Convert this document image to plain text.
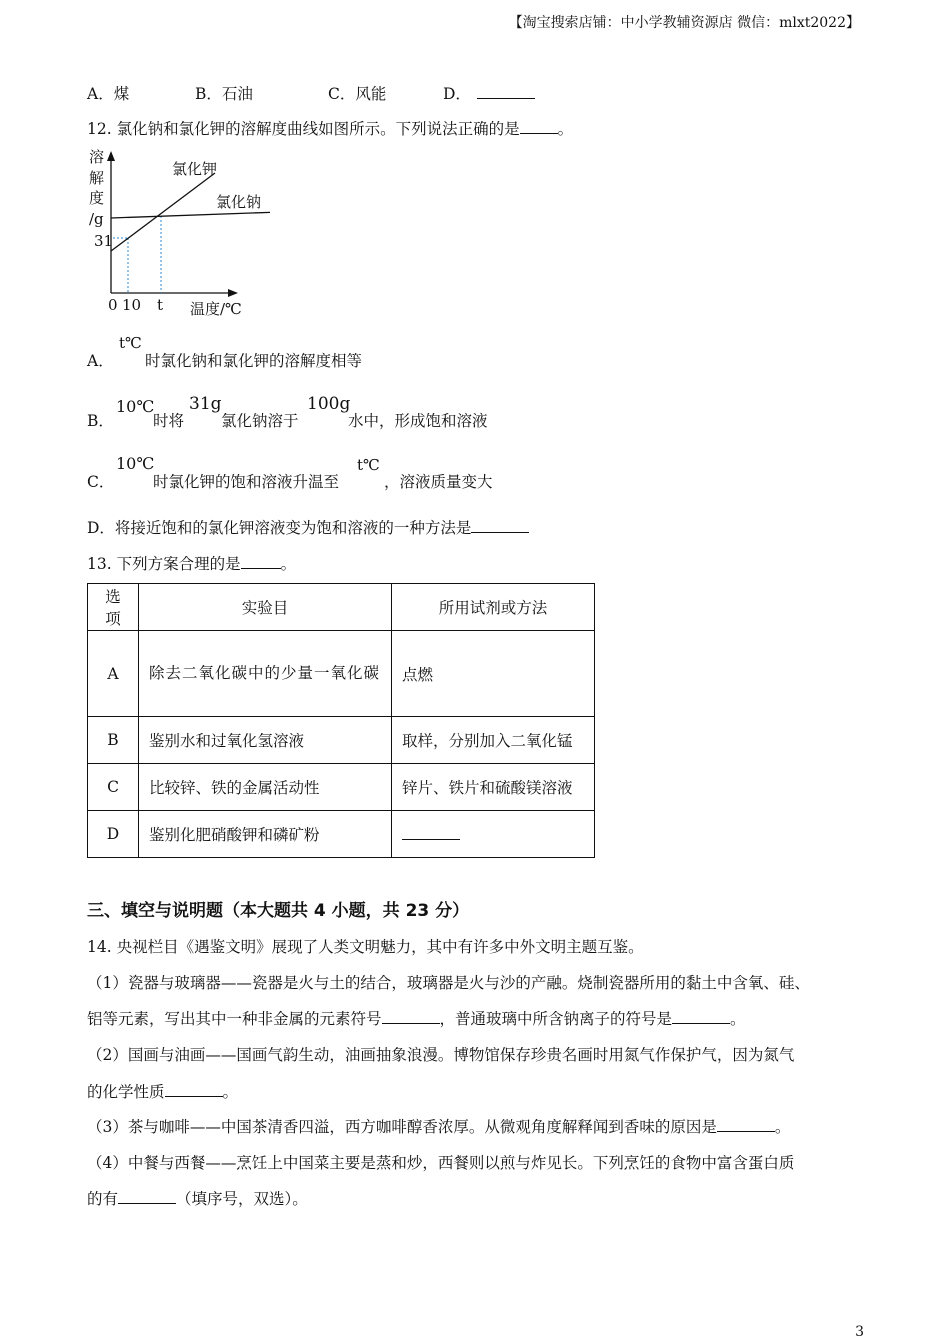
【淘宝搜索店铺：中小学教辅资源店 微信：mlxt2022】
A．煤	B．石油	C．风能	D．
12. 氯化钠和氯化钾的溶解度曲线如图所示。下列说法正确的是 。
溶
解
度
/g
31
0 10 t 温度/℃
氯化钾
氯化钠
A．
t℃
时氯化钠和氯化钾的溶解度相等
B．
10℃
时将
31g
氯化钠溶于
100g
水中，形成饱和溶液
C．
10℃
时氯化钾的饱和溶液升温至
t℃
，溶液质量变大
D．将接近饱和的氯化钾溶液变为饱和溶液的一种方法是
13. 下列方案合理的是	。
选项	实验目	所用试剂或方法
A	除去二氧化碳中的少量一氧化碳	点燃
B	鉴别水和过氧化氢溶液	取样，分别加入二氧化锰
C	比较锌、铁的金属活动性	锌片、铁片和硫酸镁溶液
D	鉴别化肥硝酸钾和磷矿粉	
三、填空与说明题（本大题共 4 小题，共 23 分）
14. 央视栏目《遇鉴文明》展现了人类文明魅力，其中有许多中外文明主题互鉴。
（1）瓷器与玻璃器——瓷器是火与土的结合，玻璃器是火与沙的产融。烧制瓷器所用的黏土中含氧、硅、
铝等元素，写出其中一种非金属的元素符号	，普通玻璃中所含钠离子的符号是	。
（2）国画与油画——国画气韵生动，油画抽象浪漫。博物馆保存珍贵名画时用氮气作保护气，因为氮气
的化学性质	。
（3）茶与咖啡——中国茶清香四溢，西方咖啡醇香浓厚。从微观角度解释闻到香味的原因是	。
（4）中餐与西餐——烹饪上中国菜主要是蒸和炒，西餐则以煎与炸见长。下列烹饪的食物中富含蛋白质
的有	（填序号，双选）。
3
